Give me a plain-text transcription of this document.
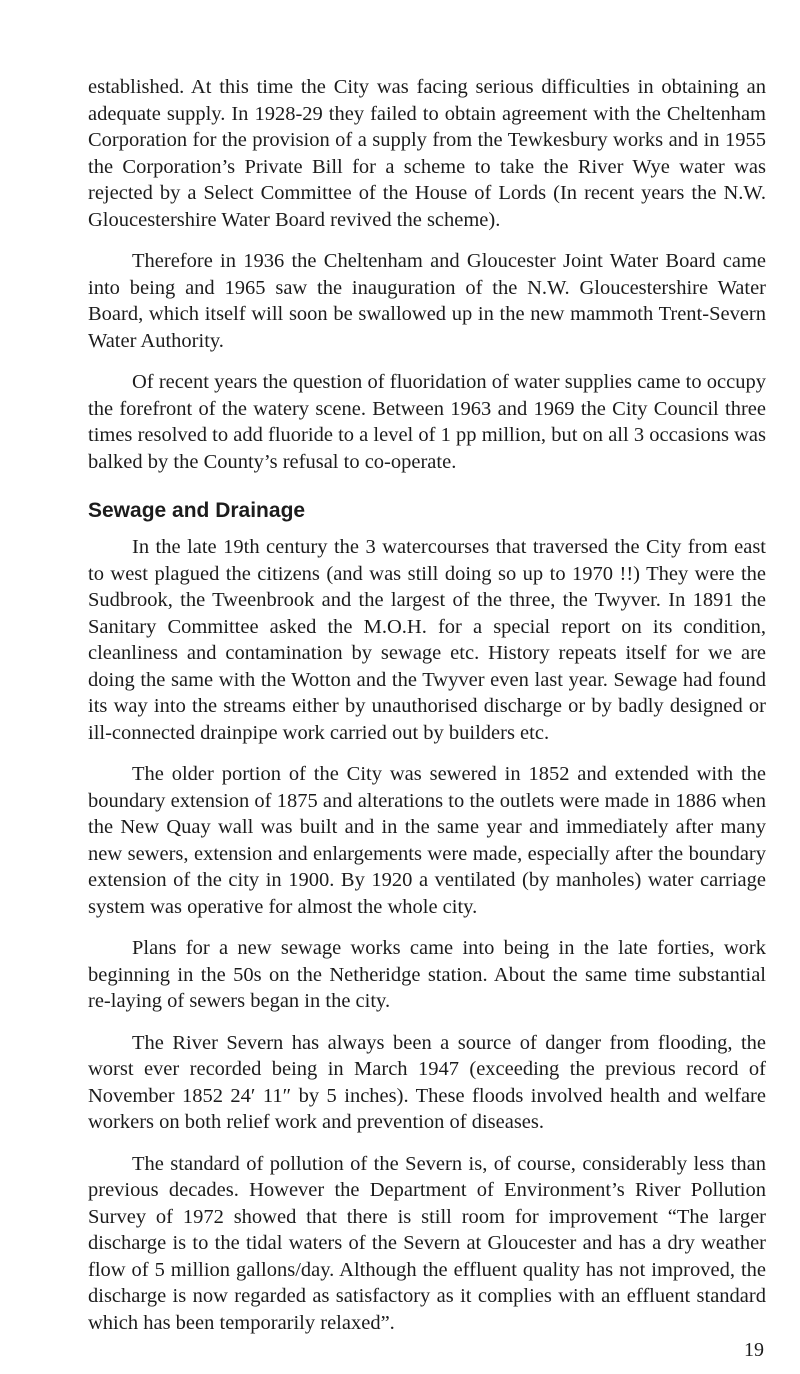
established. At this time the City was facing serious difficulties in obtaining an adequate supply. In 1928-29 they failed to obtain agreement with the Cheltenham Corporation for the provision of a supply from the Tewkesbury works and in 1955 the Corporation’s Private Bill for a scheme to take the River Wye water was rejected by a Select Committee of the House of Lords (In recent years the N.W. Gloucestershire Water Board revived the scheme).

Therefore in 1936 the Cheltenham and Gloucester Joint Water Board came into being and 1965 saw the inauguration of the N.W. Gloucestershire Water Board, which itself will soon be swallowed up in the new mammoth Trent-Severn Water Authority.

Of recent years the question of fluoridation of water supplies came to occupy the forefront of the watery scene. Between 1963 and 1969 the City Council three times resolved to add fluoride to a level of 1 pp million, but on all 3 occasions was balked by the County’s refusal to co-operate.

Sewage and Drainage

In the late 19th century the 3 watercourses that traversed the City from east to west plagued the citizens (and was still doing so up to 1970 !!) They were the Sudbrook, the Tweenbrook and the largest of the three, the Twyver. In 1891 the Sanitary Committee asked the M.O.H. for a special report on its condition, cleanliness and contamination by sewage etc. History repeats itself for we are doing the same with the Wotton and the Twyver even last year. Sewage had found its way into the streams either by unauthorised discharge or by badly designed or ill-connected drainpipe work carried out by builders etc.

The older portion of the City was sewered in 1852 and extended with the boundary extension of 1875 and alterations to the outlets were made in 1886 when the New Quay wall was built and in the same year and immediately after many new sewers, extension and enlargements were made, especially after the boundary extension of the city in 1900. By 1920 a ventilated (by manholes) water carriage system was operative for almost the whole city.

Plans for a new sewage works came into being in the late forties, work beginning in the 50s on the Netheridge station. About the same time substantial re-laying of sewers began in the city.

The River Severn has always been a source of danger from flooding, the worst ever recorded being in March 1947 (exceeding the previous record of November 1852 24′ 11″ by 5 inches). These floods involved health and welfare workers on both relief work and prevention of diseases.

The standard of pollution of the Severn is, of course, considerably less than previous decades. However the Department of Environment’s River Pollution Survey of 1972 showed that there is still room for improvement “The larger discharge is to the tidal waters of the Severn at Gloucester and has a dry weather flow of 5 million gallons/day. Although the effluent quality has not improved, the discharge is now regarded as satisfactory as it complies with an effluent standard which has been temporarily relaxed”.

19
